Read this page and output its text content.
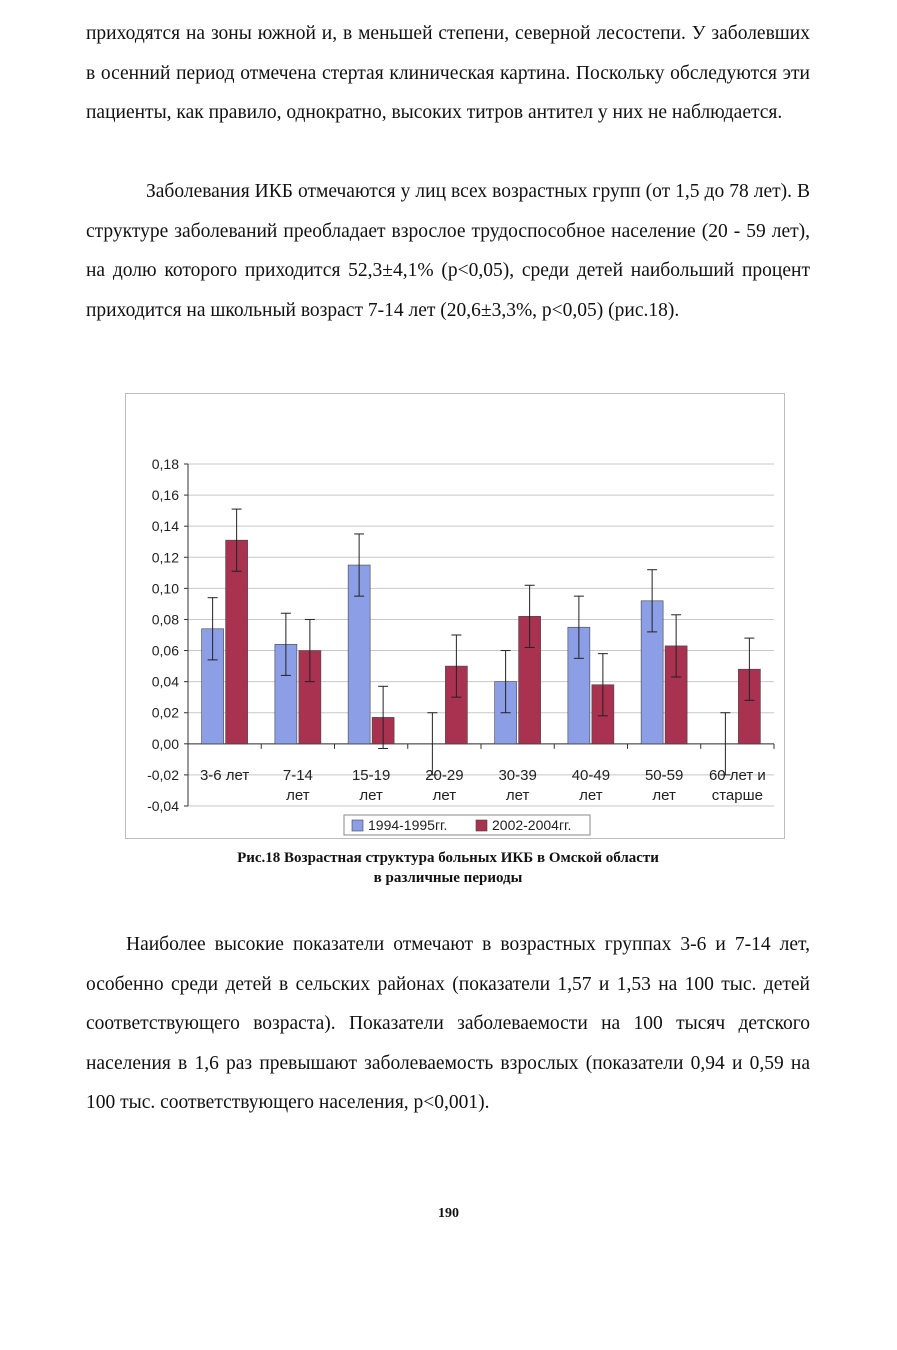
приходятся на зоны южной и, в меньшей степени, северной лесостепи. У заболевших в осенний период отмечена стертая клиническая картина. Поскольку обследуются эти пациенты, как правило, однократно, высоких титров антител у них не наблюдается.

Заболевания ИКБ отмечаются у лиц всех возрастных групп (от 1,5 до 78 лет). В структуре заболеваний преобладает взрослое трудоспособное население (20 - 59 лет), на долю которого приходится 52,3±4,1% (р<0,05), среди детей наибольший процент приходится на школьный возраст 7-14 лет (20,6±3,3%, р<0,05) (рис.18).

-0,04
-0,02
0,00
0,02
0,04
0,06
0,08
0,10
0,12
0,14
0,16
0,18
3-6 лет 7-14
лет
15-19
лет
20-29
лет
30-39
лет
40-49
лет
50-59
лет
60 лет и
старше
1994-1995гг.	2002-2004гг.

Рис.18 Возрастная структура больных ИКБ в Омской области
в различные периоды

Наиболее высокие показатели отмечают в возрастных группах 3-6 и 7-14 лет, особенно среди детей в сельских районах (показатели 1,57 и 1,53 на 100 тыс. детей соответствующего возраста). Показатели заболеваемости на 100 тысяч детского населения в 1,6 раз превышают заболеваемость взрослых (показатели 0,94 и 0,59 на 100 тыс. соответствующего населения, р<0,001).

190
